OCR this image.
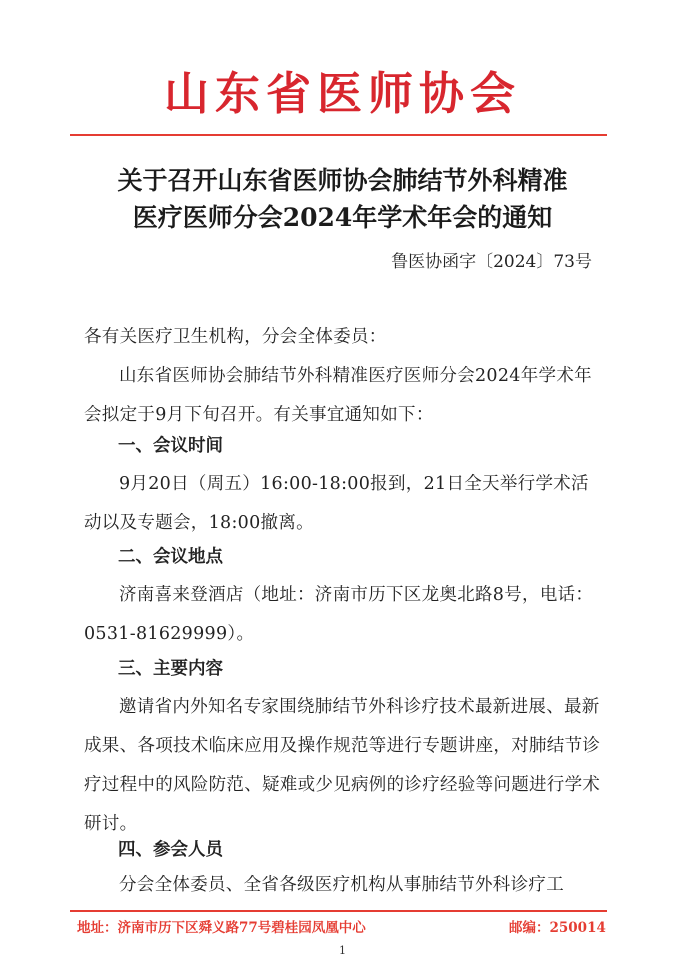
山东省医师协会
关于召开山东省医师协会肺结节外科精准
医疗医师分会2024年学术年会的通知
鲁医协函字〔2024〕73号
各有关医疗卫生机构，分会全体委员：
山东省医师协会肺结节外科精准医疗医师分会2024年学术年会拟定于9月下旬召开。有关事宜通知如下：
一、会议时间
9月20日（周五）16:00-18:00报到，21日全天举行学术活动以及专题会，18:00撤离。
二、会议地点
济南喜来登酒店（地址：济南市历下区龙奥北路8号，电话：0531-81629999）。
三、主要内容
邀请省内外知名专家围绕肺结节外科诊疗技术最新进展、最新成果、各项技术临床应用及操作规范等进行专题讲座，对肺结节诊疗过程中的风险防范、疑难或少见病例的诊疗经验等问题进行学术研讨。
四、参会人员
分会全体委员、全省各级医疗机构从事肺结节外科诊疗工
地址：济南市历下区舜义路77号碧桂园凤凰中心	邮编：250014
1
